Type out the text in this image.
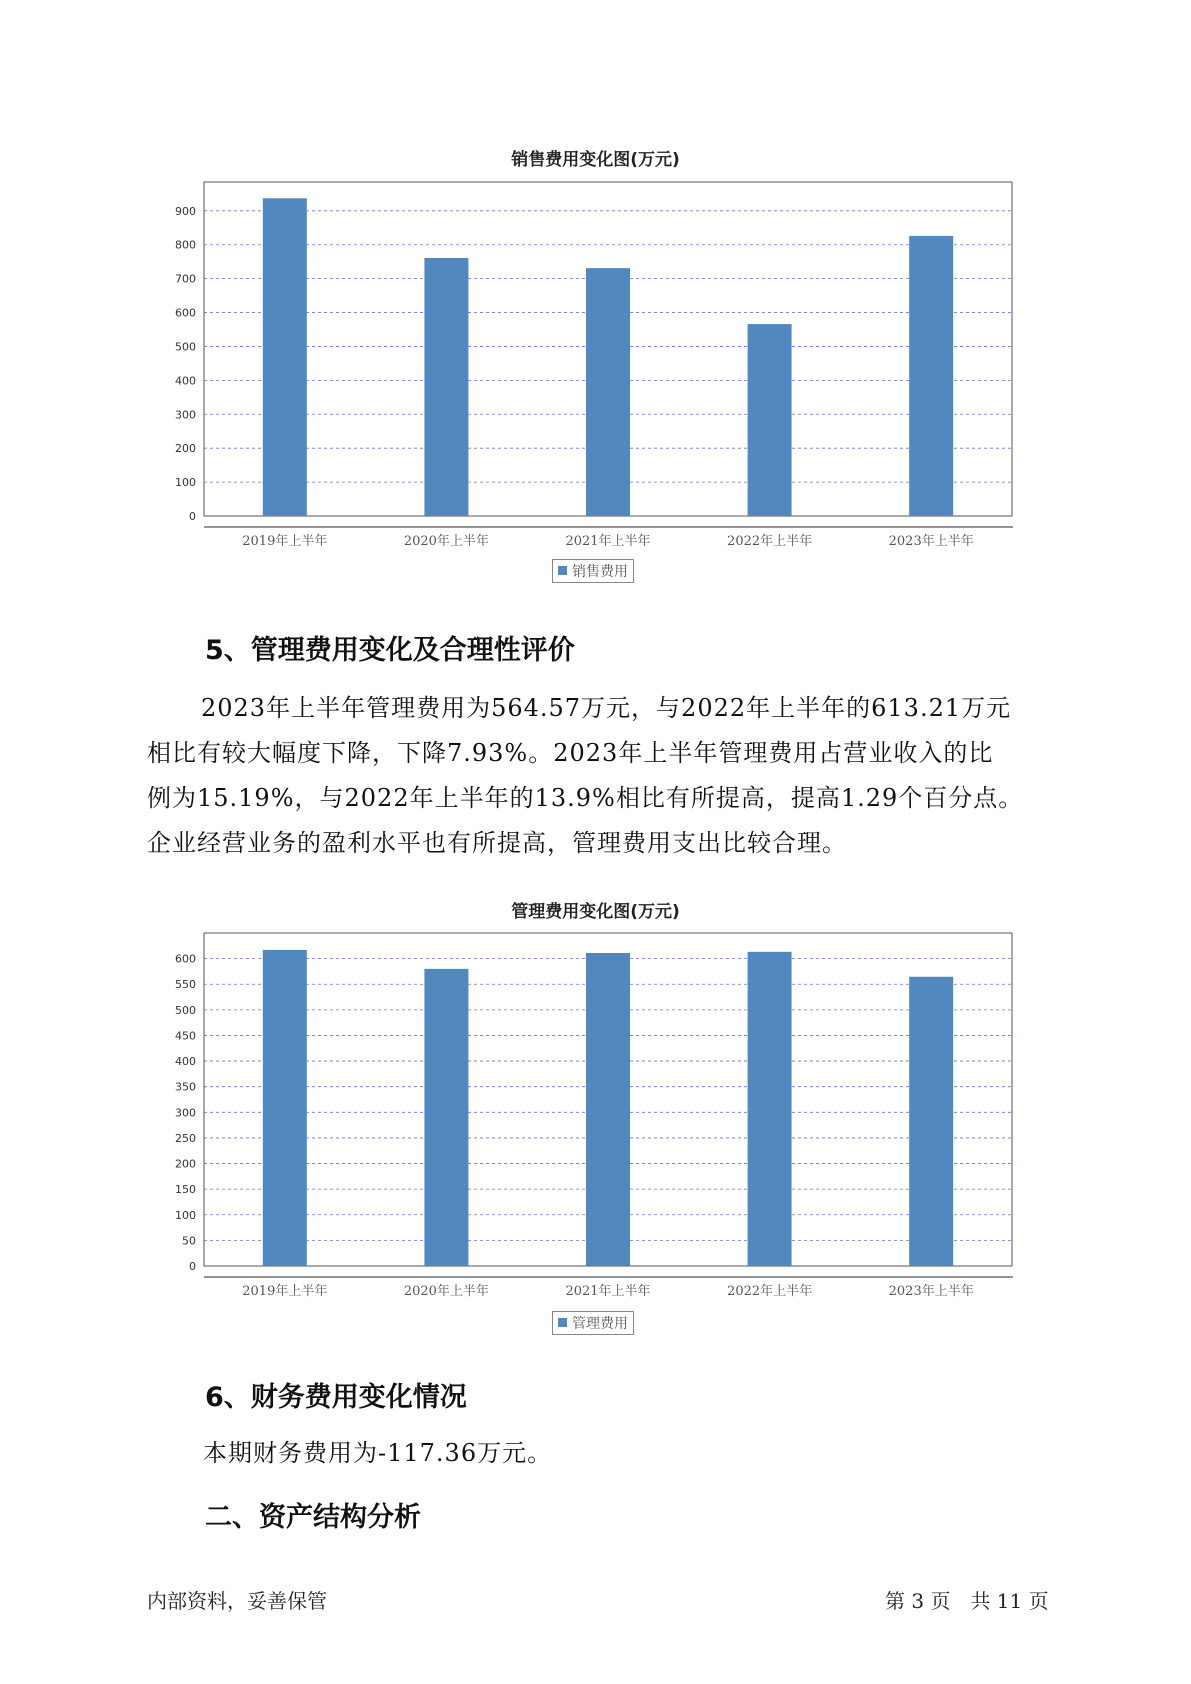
销售费用变化图(万元)
0
100
200
300
400
500
600
700
800
900
2019年上半年	2020年上半年	2021年上半年	2022年上半年	2023年上半年
销售费用
5、管理费用变化及合理性评价

2023年上半年管理费用为564.57万元，与2022年上半年的613.21万元
相比有较大幅度下降，下降7.93%。2023年上半年管理费用占营业收入的比
例为15.19%，与2022年上半年的13.9%相比有所提高，提高1.29个百分点。
企业经营业务的盈利水平也有所提高，管理费用支出比较合理。

管理费用变化图(万元)
0
50
100
150
200
250
300
350
400
450
500
550
600
2019年上半年	2020年上半年	2021年上半年	2022年上半年	2023年上半年
管理费用
6、财务费用变化情况

本期财务费用为-117.36万元。

二、资产结构分析
内部资料，妥善保管	第 3 页　共 11 页
